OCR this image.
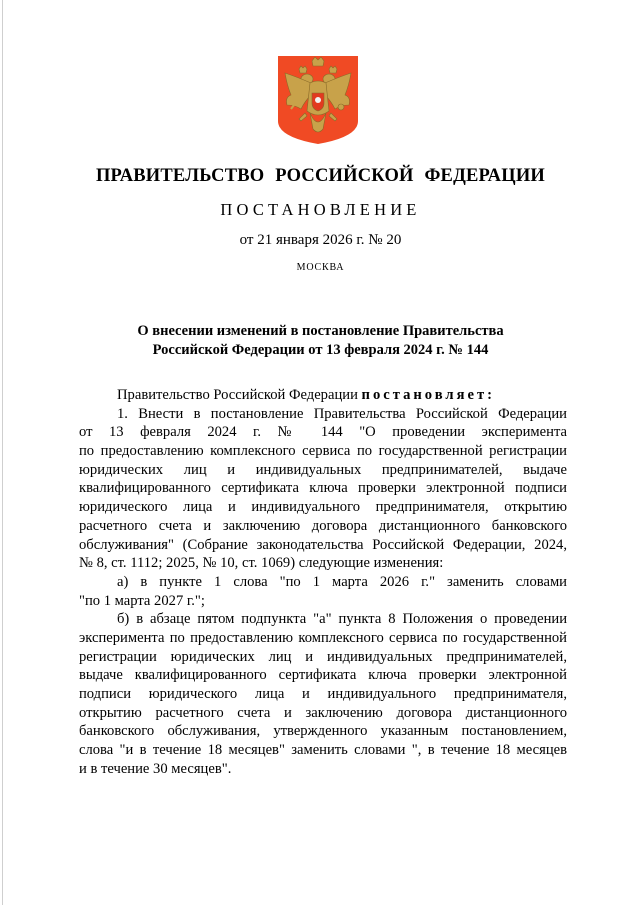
ПРАВИТЕЛЬСТВО РОССИЙСКОЙ ФЕДЕРАЦИИ
ПОСТАНОВЛЕНИЕ
от 21 января 2026 г. № 20
МОСКВА
О внесении изменений в постановление Правительства
Российской Федерации от 13 февраля 2024 г. № 144
Правительство Российской Федерации постановляет:
1. Внести в постановление Правительства Российской Федерации
от 13 февраля 2024 г. № 144 "О проведении эксперимента
по предоставлению комплексного сервиса по государственной регистрации
юридических лиц и индивидуальных предпринимателей, выдаче
квалифицированного сертификата ключа проверки электронной подписи
юридического лица и индивидуального предпринимателя, открытию
расчетного счета и заключению договора дистанционного банковского
обслуживания" (Собрание законодательства Российской Федерации, 2024,
№ 8, ст. 1112; 2025, № 10, ст. 1069) следующие изменения:
а) в пункте 1 слова "по 1 марта 2026 г." заменить словами
"по 1 марта 2027 г.";
б) в абзаце пятом подпункта "а" пункта 8 Положения о проведении
эксперимента по предоставлению комплексного сервиса по государственной
регистрации юридических лиц и индивидуальных предпринимателей,
выдаче квалифицированного сертификата ключа проверки электронной
подписи юридического лица и индивидуального предпринимателя,
открытию расчетного счета и заключению договора дистанционного
банковского обслуживания, утвержденного указанным постановлением,
слова "и в течение 18 месяцев" заменить словами ", в течение 18 месяцев
и в течение 30 месяцев".
